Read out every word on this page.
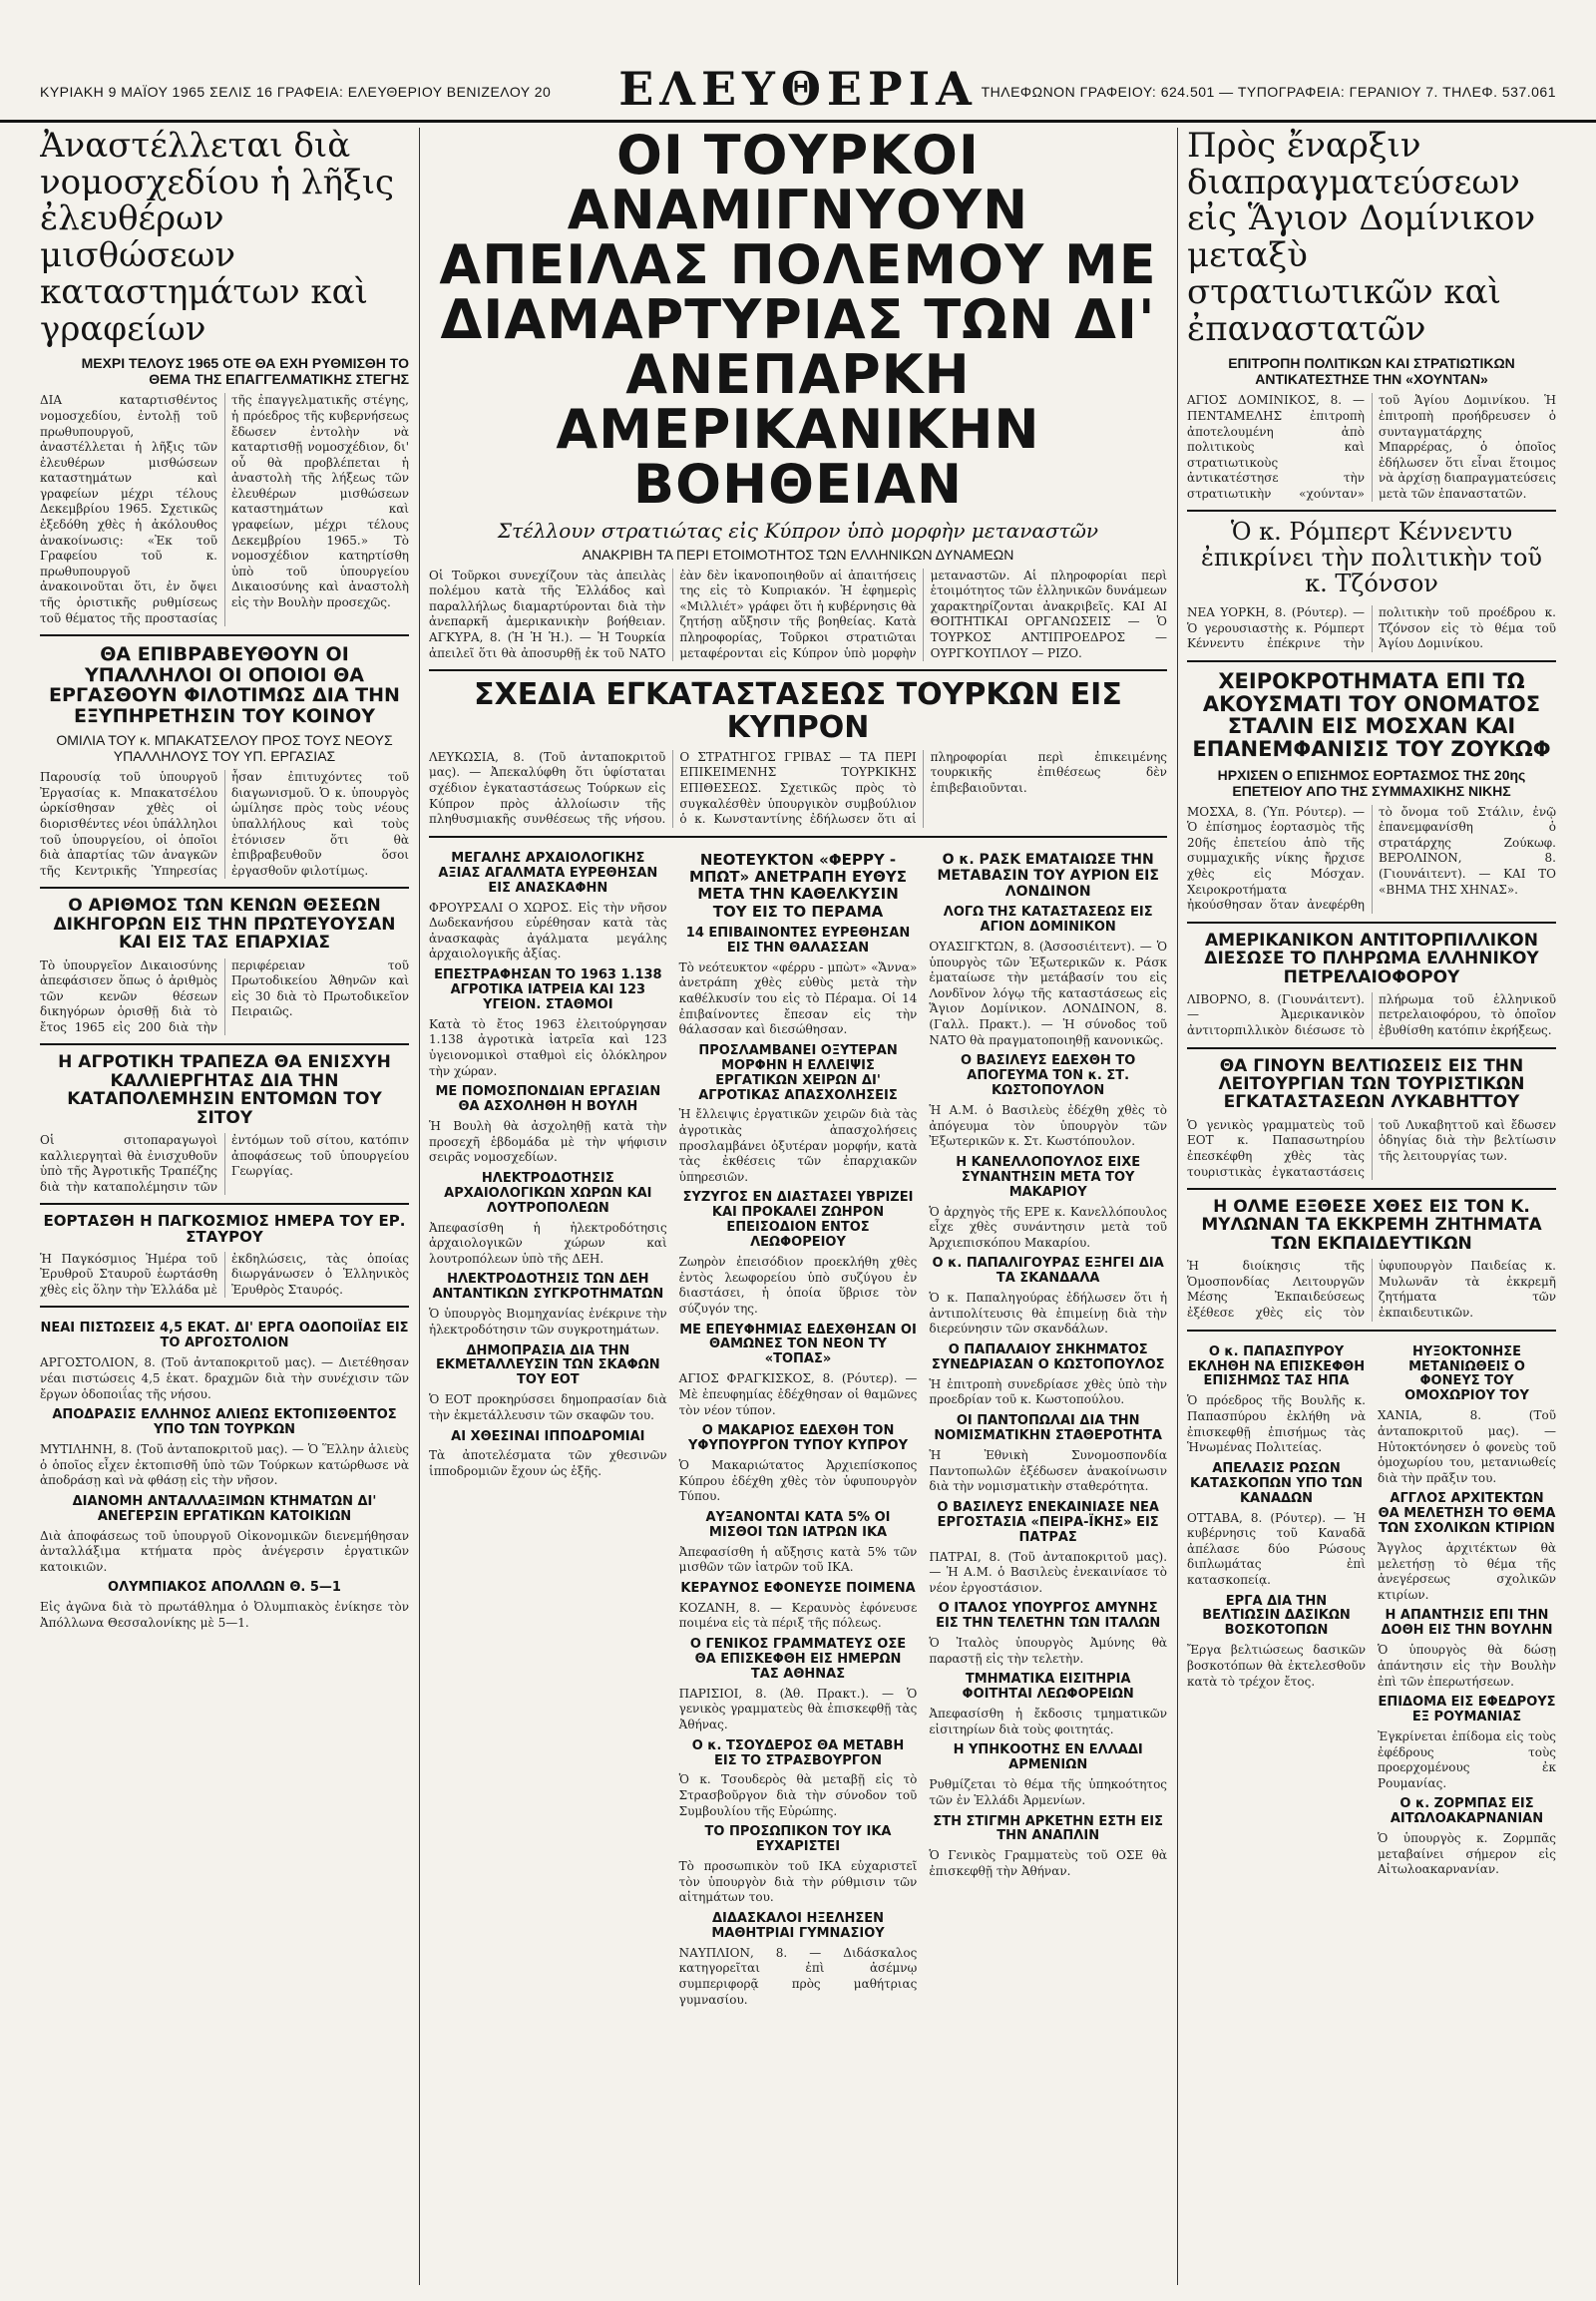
ΚΥΡΙΑΚΗ 9 ΜΑΪΟΥ 1965 ΣΕΛΙΣ 16 ΓΡΑΦΕΙΑ: ΕΛΕΥΘΕΡΙΟΥ ΒΕΝΙΖΕΛΟΥ 20	ΕΛΕΥΘΕΡΙΑ ΤΗΛΕΦΩΝΟΝ ΓΡΑΦΕΙΟΥ: 624.501 — ΤΥΠΟΓΡΑΦΕΙΑ: ΓΕΡΑΝΙΟΥ 7. ΤΗΛΕΦ. 537.061
Ἀναστέλλεται διὰ νομοσχεδίου ἡ λῆξις ἐλευθέρων μισθώσεων καταστημάτων καὶ γραφείων
ΜΕΧΡΙ ΤΕΛΟΥΣ 1965 ΟΤΕ ΘΑ ΕΧΗ ΡΥΘΜΙΣΘΗ ΤΟ ΘΕΜΑ ΤΗΣ ΕΠΑΓΓΕΛΜΑΤΙΚΗΣ ΣΤΕΓΗΣ
ΔΙΑ καταρτισθέντος νομοσχεδίου, ἐντολῇ τοῦ πρωθυπουργοῦ, ἀναστέλλεται ἡ λῆξις τῶν ἐλευθέρων μισθώσεων καταστημάτων καὶ γραφείων μέχρι τέλους Δεκεμβρίου 1965. Σχετικῶς ἐξεδόθη χθὲς ἡ ἀκόλουθος ἀνακοίνωσις: «Ἐκ τοῦ Γραφείου τοῦ κ. πρωθυπουργοῦ ἀνακοινοῦται ὅτι, ἐν ὄψει τῆς ὁριστικῆς ρυθμίσεως τοῦ θέματος τῆς προστασίας τῆς ἐπαγγελματικῆς στέγης, ἡ πρόεδρος τῆς κυβερνήσεως ἔδωσεν ἐντολὴν νὰ καταρτισθῇ νομοσχέδιον, δι' οὗ θὰ προβλέπεται ἡ ἀναστολὴ τῆς λήξεως τῶν ἐλευθέρων μισθώσεων καταστημάτων καὶ γραφείων, μέχρι τέλους Δεκεμβρίου 1965.» Τὸ νομοσχέδιον κατηρτίσθη ὑπὸ τοῦ ὑπουργείου Δικαιοσύνης καὶ ἀναστολὴ εἰς τὴν Βουλὴν προσεχῶς.
ΘΑ ΕΠΙΒΡΑΒΕΥΘΟΥΝ ΟΙ ΥΠΑΛΛΗΛΟΙ ΟΙ ΟΠΟΙΟΙ ΘΑ ΕΡΓΑΣΘΟΥΝ ΦΙΛΟΤΙΜΩΣ ΔΙΑ ΤΗΝ ΕΞΥΠΗΡΕΤΗΣΙΝ ΤΟΥ ΚΟΙΝΟΥ
ΟΜΙΛΙΑ ΤΟΥ κ. ΜΠΑΚΑΤΣΕΛΟΥ ΠΡΟΣ ΤΟΥΣ ΝΕΟΥΣ ΥΠΑΛΛΗΛΟΥΣ ΤΟΥ ΥΠ. ΕΡΓΑΣΙΑΣ
Παρουσίᾳ τοῦ ὑπουργοῦ Ἐργασίας κ. Μπακατσέλου ὡρκίσθησαν χθὲς οἱ διορισθέντες νέοι ὑπάλληλοι τοῦ ὑπουργείου, οἱ ὁποῖοι διὰ ἀπαρτίας τῶν ἀναγκῶν τῆς Κεντρικῆς Ὑπηρεσίας ἦσαν ἐπιτυχόντες τοῦ διαγωνισμοῦ. Ὁ κ. ὑπουργὸς ὡμίλησε πρὸς τοὺς νέους ὑπαλλήλους καὶ τοὺς ἐτόνισεν ὅτι θὰ ἐπιβραβευθοῦν ὅσοι ἐργασθοῦν φιλοτίμως.
Ο ΑΡΙΘΜΟΣ ΤΩΝ ΚΕΝΩΝ ΘΕΣΕΩΝ ΔΙΚΗΓΟΡΩΝ ΕΙΣ ΤΗΝ ΠΡΩΤΕΥΟΥΣΑΝ ΚΑΙ ΕΙΣ ΤΑΣ ΕΠΑΡΧΙΑΣ
Τὸ ὑπουργεῖον Δικαιοσύνης ἀπεφάσισεν ὅπως ὁ ἀριθμὸς τῶν κενῶν θέσεων δικηγόρων ὁρισθῇ διὰ τὸ ἔτος 1965 εἰς 200 διὰ τὴν περιφέρειαν τοῦ Πρωτοδικείου Ἀθηνῶν καὶ εἰς 30 διὰ τὸ Πρωτοδικεῖον Πειραιῶς.
Η ΑΓΡΟΤΙΚΗ ΤΡΑΠΕΖΑ ΘΑ ΕΝΙΣΧΥΗ ΚΑΛΛΙΕΡΓΗΤΑΣ ΔΙΑ ΤΗΝ ΚΑΤΑΠΟΛΕΜΗΣΙΝ ΕΝΤΟΜΩΝ ΤΟΥ ΣΙΤΟΥ
Οἱ σιτοπαραγωγοὶ καλλιεργηταὶ θὰ ἐνισχυθοῦν ὑπὸ τῆς Ἀγροτικῆς Τραπέζης διὰ τὴν καταπολέμησιν τῶν ἐντόμων τοῦ σίτου, κατόπιν ἀποφάσεως τοῦ ὑπουργείου Γεωργίας.
ΕΟΡΤΑΣΘΗ Η ΠΑΓΚΟΣΜΙΟΣ ΗΜΕΡΑ ΤΟΥ ΕΡ. ΣΤΑΥΡΟΥ
Ἡ Παγκόσμιος Ἡμέρα τοῦ Ἐρυθροῦ Σταυροῦ ἑωρτάσθη χθὲς εἰς ὅλην τὴν Ἑλλάδα μὲ ἐκδηλώσεις, τὰς ὁποίας διωργάνωσεν ὁ Ἑλληνικὸς Ἐρυθρὸς Σταυρός.
ΝΕΑΙ ΠΙΣΤΩΣΕΙΣ 4,5 ΕΚΑΤ. ΔΙ' ΕΡΓΑ ΟΔΟΠΟΙΪΑΣ ΕΙΣ ΤΟ ΑΡΓΟΣΤΟΛΙΟΝ
ΑΡΓΟΣΤΟΛΙΟΝ, 8. (Τοῦ ἀνταποκριτοῦ μας). — Διετέθησαν νέαι πιστώσεις 4,5 ἑκατ. δραχμῶν διὰ τὴν συνέχισιν τῶν ἔργων ὁδοποιΐας τῆς νήσου.
ΑΠΟΔΡΑΣΙΣ ΕΛΛΗΝΟΣ ΑΛΙΕΩΣ ΕΚΤΟΠΙΣΘΕΝΤΟΣ ΥΠΟ ΤΩΝ ΤΟΥΡΚΩΝ
ΜΥΤΙΛΗΝΗ, 8. (Τοῦ ἀνταποκριτοῦ μας). — Ὁ Ἕλλην ἁλιεὺς ὁ ὁποῖος εἶχεν ἐκτοπισθῆ ὑπὸ τῶν Τούρκων κατώρθωσε νὰ ἀποδράσῃ καὶ νὰ φθάσῃ εἰς τὴν νῆσον.
ΔΙΑΝΟΜΗ ΑΝΤΑΛΛΑΞΙΜΩΝ ΚΤΗΜΑΤΩΝ ΔΙ' ΑΝΕΓΕΡΣΙΝ ΕΡΓΑΤΙΚΩΝ ΚΑΤΟΙΚΙΩΝ
Διὰ ἀποφάσεως τοῦ ὑπουργοῦ Οἰκονομικῶν διενεμήθησαν ἀνταλλάξιμα κτήματα πρὸς ἀνέγερσιν ἐργατικῶν κατοικιῶν.
ΟΛΥΜΠΙΑΚΟΣ ΑΠΟΛΛΩΝ Θ. 5—1
Εἰς ἀγῶνα διὰ τὸ πρωτάθλημα ὁ Ὀλυμπιακὸς ἐνίκησε τὸν Ἀπόλλωνα Θεσσαλονίκης μὲ 5—1.
ΟΙ ΤΟΥΡΚΟΙ ΑΝΑΜΙΓΝΥΟΥΝ ΑΠΕΙΛΑΣ ΠΟΛΕΜΟΥ ΜΕ ΔΙΑΜΑΡΤΥΡΙΑΣ ΤΩΝ ΔΙ' ΑΝΕΠΑΡΚΗ ΑΜΕΡΙΚΑΝΙΚΗΝ ΒΟΗΘΕΙΑΝ
Στέλλουν στρατιώτας εἰς Κύπρον ὑπὸ μορφὴν μεταναστῶν
ΑΝΑΚΡΙΒΗ ΤΑ ΠΕΡΙ ΕΤΟΙΜΟΤΗΤΟΣ ΤΩΝ ΕΛΛΗΝΙΚΩΝ ΔΥΝΑΜΕΩΝ
Οἱ Τοῦρκοι συνεχίζουν τὰς ἀπειλὰς πολέμου κατὰ τῆς Ἑλλάδος καὶ παραλλήλως διαμαρτύρονται διὰ τὴν ἀνεπαρκῆ ἀμερικανικὴν βοήθειαν. ΑΓΚΥΡΑ, 8. (Ἡ Ἡ Ἡ.). — Ἡ Τουρκία ἀπειλεῖ ὅτι θὰ ἀποσυρθῇ ἐκ τοῦ ΝΑΤΟ ἐὰν δὲν ἱκανοποιηθοῦν αἱ ἀπαιτήσεις της εἰς τὸ Κυπριακόν. Ἡ ἐφημερὶς «Μιλλιέτ» γράφει ὅτι ἡ κυβέρνησις θὰ ζητήσῃ αὔξησιν τῆς βοηθείας. Κατὰ πληροφορίας, Τοῦρκοι στρατιῶται μεταφέρονται εἰς Κύπρον ὑπὸ μορφὴν μεταναστῶν. Αἱ πληροφορίαι περὶ ἑτοιμότητος τῶν ἑλληνικῶν δυνάμεων χαρακτηρίζονται ἀνακριβεῖς. ΚΑΙ ΑΙ ΘΟΙΤΗΤΙΚΑΙ ΟΡΓΑΝΩΣΕΙΣ — Ὁ ΤΟΥΡΚΟΣ ΑΝΤΙΠΡΟΕΔΡΟΣ — ΟΥΡΓΚΟΥΠΛΟΥ — ΡΙΖΟ.
ΣΧΕΔΙΑ ΕΓΚΑΤΑΣΤΑΣΕΩΣ ΤΟΥΡΚΩΝ ΕΙΣ ΚΥΠΡΟΝ
ΛΕΥΚΩΣΙΑ, 8. (Τοῦ ἀνταποκριτοῦ μας). — Ἀπεκαλύφθη ὅτι ὑφίσταται σχέδιον ἐγκαταστάσεως Τούρκων εἰς Κύπρον πρὸς ἀλλοίωσιν τῆς πληθυσμιακῆς συνθέσεως τῆς νήσου. Ο ΣΤΡΑΤΗΓΟΣ ΓΡΙΒΑΣ — ΤΑ ΠΕΡΙ ΕΠΙΚΕΙΜΕΝΗΣ ΤΟΥΡΚΙΚΗΣ ΕΠΙΘΕΣΕΩΣ. Σχετικῶς πρὸς τὸ συγκαλέσθὲν ὑπουργικὸν συμβούλιον ὁ κ. Κωνσταντίνης ἐδήλωσεν ὅτι αἱ πληροφορίαι περὶ ἐπικειμένης τουρκικῆς ἐπιθέσεως δὲν ἐπιβεβαιοῦνται.
ΜΕΓΑΛΗΣ ΑΡΧΑΙΟΛΟΓΙΚΗΣ ΑΞΙΑΣ ΑΓΑΛΜΑΤΑ ΕΥΡΕΘΗΣΑΝ ΕΙΣ ΑΝΑΣΚΑΦΗΝ
ΦΡΟΥΡΣΑΛΙ Ο ΧΩΡΟΣ. Εἰς τὴν νῆσον Δωδεκανήσου εὑρέθησαν κατὰ τὰς ἀνασκαφὰς ἀγάλματα μεγάλης ἀρχαιολογικῆς ἀξίας.
ΕΠΕΣΤΡΑΦΗΣΑΝ ΤΟ 1963 1.138 ΑΓΡΟΤΙΚΑ ΙΑΤΡΕΙΑ ΚΑΙ 123 ΥΓΕΙΟΝ. ΣΤΑΘΜΟΙ
Κατὰ τὸ ἔτος 1963 ἐλειτούργησαν 1.138 ἀγροτικὰ ἰατρεῖα καὶ 123 ὑγειονομικοὶ σταθμοὶ εἰς ὁλόκληρον τὴν χώραν.
ΜΕ ΠΟΜΟΣΠΟΝΔΙΑΝ ΕΡΓΑΣΙΑΝ ΘΑ ΑΣΧΟΛΗΘΗ Η ΒΟΥΛΗ
Ἡ Βουλὴ θὰ ἀσχοληθῇ κατὰ τὴν προσεχῆ ἑβδομάδα μὲ τὴν ψήφισιν σειρᾶς νομοσχεδίων.
ΗΛΕΚΤΡΟΔΟΤΗΣΙΣ ΑΡΧΑΙΟΛΟΓΙΚΩΝ ΧΩΡΩΝ ΚΑΙ ΛΟΥΤΡΟΠΟΛΕΩΝ
Ἀπεφασίσθη ἡ ἠλεκτροδότησις ἀρχαιολογικῶν χώρων καὶ λουτροπόλεων ὑπὸ τῆς ΔΕΗ.
ΗΛΕΚΤΡΟΔΟΤΗΣΙΣ ΤΩΝ ΔΕΗ ΑΝΤΑΝΤΙΚΩΝ ΣΥΓΚΡΟΤΗΜΑΤΩΝ
Ὁ ὑπουργὸς Βιομηχανίας ἐνέκρινε τὴν ἠλεκτροδότησιν τῶν συγκροτημάτων.
ΔΗΜΟΠΡΑΣΙΑ ΔΙΑ ΤΗΝ ΕΚΜΕΤΑΛΛΕΥΣΙΝ ΤΩΝ ΣΚΑΦΩΝ ΤΟΥ ΕΟΤ
Ὁ ΕΟΤ προκηρύσσει δημοπρασίαν διὰ τὴν ἐκμετάλλευσιν τῶν σκαφῶν του.
ΑΙ ΧΘΕΣΙΝΑΙ ΙΠΠΟΔΡΟΜΙΑΙ
Τὰ ἀποτελέσματα τῶν χθεσινῶν ἱπποδρομιῶν ἔχουν ὡς ἑξῆς.
ΝΕΟΤΕΥΚΤΟΝ «ΦΕΡΡΥ - ΜΠΩΤ» ΑΝΕΤΡΑΠΗ ΕΥΘΥΣ ΜΕΤΑ ΤΗΝ ΚΑΘΕΛΚΥΣΙΝ ΤΟΥ ΕΙΣ ΤΟ ΠΕΡΑΜΑ
14 ΕΠΙΒΑΙΝΟΝΤΕΣ ΕΥΡΕΘΗΣΑΝ ΕΙΣ ΤΗΝ ΘΑΛΑΣΣΑΝ
Τὸ νεότευκτον «φέρρυ - μπὼτ» «Ἄννα» ἀνετράπη χθὲς εὐθὺς μετὰ τὴν καθέλκυσίν του εἰς τὸ Πέραμα. Οἱ 14 ἐπιβαίνοντες ἔπεσαν εἰς τὴν θάλασσαν καὶ διεσώθησαν.
ΠΡΟΣΛΑΜΒΑΝΕΙ ΟΞΥΤΕΡΑΝ ΜΟΡΦΗΝ Η ΕΛΛΕΙΨΙΣ ΕΡΓΑΤΙΚΩΝ ΧΕΙΡΩΝ ΔΙ' ΑΓΡΟΤΙΚΑΣ ΑΠΑΣΧΟΛΗΣΕΙΣ
Ἡ ἔλλειψις ἐργατικῶν χειρῶν διὰ τὰς ἀγροτικὰς ἀπασχολήσεις προσλαμβάνει ὀξυτέραν μορφήν, κατὰ τὰς ἐκθέσεις τῶν ἐπαρχιακῶν ὑπηρεσιῶν.
ΣΥΖΥΓΟΣ ΕΝ ΔΙΑΣΤΑΣΕΙ ΥΒΡΙΖΕΙ ΚΑΙ ΠΡΟΚΑΛΕΙ ΖΩΗΡΟΝ ΕΠΕΙΣΟΔΙΟΝ ΕΝΤΟΣ ΛΕΩΦΟΡΕΙΟΥ
Ζωηρὸν ἐπεισόδιον προεκλήθη χθὲς ἐντὸς λεωφορείου ὑπὸ συζύγου ἐν διαστάσει, ἡ ὁποία ὕβρισε τὸν σύζυγόν της.
ΜΕ ΕΠΕΥΦΗΜΙΑΣ ΕΔΕΧΘΗΣΑΝ ΟΙ ΘΑΜΩΝΕΣ ΤΟΝ ΝΕΟΝ ΤΥ «ΤΟΠΑΣ»
ΑΓΙΟΣ ΦΡΑΓΚΙΣΚΟΣ, 8. (Ρόυτερ). — Μὲ ἐπευφημίας ἐδέχθησαν οἱ θαμῶνες τὸν νέον τύπον.
Ο ΜΑΚΑΡΙΟΣ ΕΔΕΧΘΗ ΤΟΝ ΥΦΥΠΟΥΡΓΟΝ ΤΥΠΟΥ ΚΥΠΡΟΥ
Ὁ Μακαριώτατος Ἀρχιεπίσκοπος Κύπρου ἐδέχθη χθὲς τὸν ὑφυπουργὸν Τύπου.
ΑΥΞΑΝΟΝΤΑΙ ΚΑΤΑ 5% ΟΙ ΜΙΣΘΟΙ ΤΩΝ ΙΑΤΡΩΝ ΙΚΑ
Ἀπεφασίσθη ἡ αὔξησις κατὰ 5% τῶν μισθῶν τῶν ἰατρῶν τοῦ ΙΚΑ.
ΚΕΡΑΥΝΟΣ ΕΦΟΝΕΥΣΕ ΠΟΙΜΕΝΑ
ΚΟΖΑΝΗ, 8. — Κεραυνὸς ἐφόνευσε ποιμένα εἰς τὰ πέριξ τῆς πόλεως.
Ο ΓΕΝΙΚΟΣ ΓΡΑΜΜΑΤΕΥΣ ΟΣΕ ΘΑ ΕΠΙΣΚΕΦΘΗ ΕΙΣ ΗΜΕΡΩΝ ΤΑΣ ΑΘΗΝΑΣ
ΠΑΡΙΣΙΟΙ, 8. (Ἀθ. Πρακτ.). — Ὁ γενικὸς γραμματεὺς θὰ ἐπισκεφθῇ τὰς Ἀθήνας.
Ο κ. ΤΣΟΥΔΕΡΟΣ ΘΑ ΜΕΤΑΒΗ ΕΙΣ ΤΟ ΣΤΡΑΣΒΟΥΡΓΟΝ
Ὁ κ. Τσουδερὸς θὰ μεταβῇ εἰς τὸ Στρασβοῦργον διὰ τὴν σύνοδον τοῦ Συμβουλίου τῆς Εὐρώπης.
ΤΟ ΠΡΟΣΩΠΙΚΟΝ ΤΟΥ ΙΚΑ ΕΥΧΑΡΙΣΤΕΙ
Τὸ προσωπικὸν τοῦ ΙΚΑ εὐχαριστεῖ τὸν ὑπουργὸν διὰ τὴν ρύθμισιν τῶν αἰτημάτων του.
ΔΙΔΑΣΚΑΛΟΙ ΗΞΕΛΗΣΕΝ ΜΑΘΗΤΡΙΑΙ ΓΥΜΝΑΣΙΟΥ
ΝΑΥΠΛΙΟΝ, 8. — Διδάσκαλος κατηγορεῖται ἐπὶ ἀσέμνῳ συμπεριφορᾷ πρὸς μαθήτριας γυμνασίου.
Ο κ. ΡΑΣΚ ΕΜΑΤΑΙΩΣΕ ΤΗΝ ΜΕΤΑΒΑΣΙΝ ΤΟΥ ΑΥΡΙΟΝ ΕΙΣ ΛΟΝΔΙΝΟΝ
ΛΟΓΩ ΤΗΣ ΚΑΤΑΣΤΑΣΕΩΣ ΕΙΣ ΑΓΙΟΝ ΔΟΜΙΝΙΚΟΝ
ΟΥΑΣΙΓΚΤΩΝ, 8. (Ἀσσοσιέιτεντ). — Ὁ ὑπουργὸς τῶν Ἐξωτερικῶν κ. Ράσκ ἐματαίωσε τὴν μετάβασίν του εἰς Λονδῖνον λόγῳ τῆς καταστάσεως εἰς Ἅγιον Δομίνικον. ΛΟΝΔΙΝΟΝ, 8. (Γαλλ. Πρακτ.). — Ἡ σύνοδος τοῦ ΝΑΤΟ θὰ πραγματοποιηθῇ κανονικῶς.
Ο ΒΑΣΙΛΕΥΣ ΕΔΕΧΘΗ ΤΟ ΑΠΟΓΕΥΜΑ ΤΟΝ κ. ΣΤ. ΚΩΣΤΟΠΟΥΛΟΝ
Ἡ Α.Μ. ὁ Βασιλεὺς ἐδέχθη χθὲς τὸ ἀπόγευμα τὸν ὑπουργὸν τῶν Ἐξωτερικῶν κ. Στ. Κωστόπουλον.
Η ΚΑΝΕΛΛΟΠΟΥΛΟΣ ΕΙΧΕ ΣΥΝΑΝΤΗΣΙΝ ΜΕΤΑ ΤΟΥ ΜΑΚΑΡΙΟΥ
Ὁ ἀρχηγὸς τῆς ΕΡΕ κ. Κανελλόπουλος εἶχε χθὲς συνάντησιν μετὰ τοῦ Ἀρχιεπισκόπου Μακαρίου.
Ο κ. ΠΑΠΑΛΙΓΟΥΡΑΣ ΕΞΗΓΕΙ ΔΙΑ ΤΑ ΣΚΑΝΔΑΛΑ
Ὁ κ. Παπαληγούρας ἐδήλωσεν ὅτι ἡ ἀντιπολίτευσις θὰ ἐπιμείνῃ διὰ τὴν διερεύνησιν τῶν σκανδάλων.
Ο ΠΑΠΑΛΑΙΟΥ ΣΗΚΗΜΑΤΟΣ ΣΥΝΕΔΡΙΑΣΑΝ Ο ΚΩΣΤΟΠΟΥΛΟΣ
Ἡ ἐπιτροπὴ συνεδρίασε χθὲς ὑπὸ τὴν προεδρίαν τοῦ κ. Κωστοπούλου.
ΟΙ ΠΑΝΤΟΠΩΛΑΙ ΔΙΑ ΤΗΝ ΝΟΜΙΣΜΑΤΙΚΗΝ ΣΤΑΘΕΡΟΤΗΤΑ
Ἡ Ἐθνικὴ Συνομοσπονδία Παντοπωλῶν ἐξέδωσεν ἀνακοίνωσιν διὰ τὴν νομισματικὴν σταθερότητα.
Ο ΒΑΣΙΛΕΥΣ ΕΝΕΚΑΙΝΙΑΣΕ ΝΕΑ ΕΡΓΟΣΤΑΣΙΑ «ΠΕΙΡΑ-ΪΚΗΣ» ΕΙΣ ΠΑΤΡΑΣ
ΠΑΤΡΑΙ, 8. (Τοῦ ἀνταποκριτοῦ μας). — Ἡ Α.Μ. ὁ Βασιλεὺς ἐνεκαινίασε τὸ νέον ἐργοστάσιον.
Ο ΙΤΑΛΟΣ ΥΠΟΥΡΓΟΣ ΑΜΥΝΗΣ ΕΙΣ ΤΗΝ ΤΕΛΕΤΗΝ ΤΩΝ ΙΤΑΛΩΝ
Ὁ Ἰταλὸς ὑπουργὸς Ἀμύνης θὰ παραστῇ εἰς τὴν τελετὴν.
ΤΜΗΜΑΤΙΚΑ ΕΙΣΙΤΗΡΙΑ ΦΟΙΤΗΤΑΙ ΛΕΩΦΟΡΕΙΩΝ
Ἀπεφασίσθη ἡ ἔκδοσις τμηματικῶν εἰσιτηρίων διὰ τοὺς φοιτητάς.
Η ΥΠΗΚΟΟΤΗΣ ΕΝ ΕΛΛΑΔΙ ΑΡΜΕΝΙΩΝ
Ρυθμίζεται τὸ θέμα τῆς ὑπηκοότητος τῶν ἐν Ἑλλάδι Ἀρμενίων.
ΣΤΗ ΣΤΙΓΜΗ ΑΡΚΕΤΗΝ ΕΣΤΗ ΕΙΣ ΤΗΝ ΑΝΑΠΛΙΝ
Ὁ Γενικὸς Γραμματεὺς τοῦ ΟΣΕ θὰ ἐπισκεφθῇ τὴν Ἀθήναν.
Πρὸς ἔναρξιν διαπραγματεύσεων εἰς Ἅγιον Δομίνικον μεταξὺ στρατιωτικῶν καὶ ἐπαναστατῶν
ΕΠΙΤΡΟΠΗ ΠΟΛΙΤΙΚΩΝ ΚΑΙ ΣΤΡΑΤΙΩΤΙΚΩΝ ΑΝΤΙΚΑΤΕΣΤΗΣΕ ΤΗΝ «ΧΟΥΝΤΑΝ»
ΑΓΙΟΣ ΔΟΜΙΝΙΚΟΣ, 8. — ΠΕΝΤΑΜΕΛΗΣ ἐπιτροπὴ ἀποτελουμένη ἀπὸ πολιτικοὺς καὶ στρατιωτικοὺς ἀντικατέστησε τὴν στρατιωτικὴν «χούνταν» τοῦ Ἁγίου Δομινίκου. Ἡ ἐπιτροπὴ προήδρευσεν ὁ συνταγματάρχης Μπαρρέρας, ὁ ὁποῖος ἐδήλωσεν ὅτι εἶναι ἕτοιμος νὰ ἀρχίσῃ διαπραγματεύσεις μετὰ τῶν ἐπαναστατῶν.
Ὁ κ. Ρόμπερτ Κέννεντυ ἐπικρίνει τὴν πολιτικὴν τοῦ κ. Τζόνσον
ΝΕΑ ΥΟΡΚΗ, 8. (Ρόυτερ). — Ὁ γερουσιαστὴς κ. Ρόμπερτ Κέννεντυ ἐπέκρινε τὴν πολιτικὴν τοῦ προέδρου κ. Τζόνσον εἰς τὸ θέμα τοῦ Ἁγίου Δομινίκου.
ΧΕΙΡΟΚΡΟΤΗΜΑΤΑ ΕΠΙ ΤΩ ΑΚΟΥΣΜΑΤΙ ΤΟΥ ΟΝΟΜΑΤΟΣ ΣΤΑΛΙΝ ΕΙΣ ΜΟΣΧΑΝ ΚΑΙ ΕΠΑΝΕΜΦΑΝΙΣΙΣ ΤΟΥ ΖΟΥΚΩΦ
ΗΡΧΙΣΕΝ Ο ΕΠΙΣΗΜΟΣ ΕΟΡΤΑΣΜΟΣ ΤΗΣ 20ης ΕΠΕΤΕΙΟΥ ΑΠΟ ΤΗΣ ΣΥΜΜΑΧΙΚΗΣ ΝΙΚΗΣ
ΜΟΣΧΑ, 8. (Ὑπ. Ρόυτερ). — Ὁ ἐπίσημος ἑορτασμὸς τῆς 20ῆς ἐπετείου ἀπὸ τῆς συμμαχικῆς νίκης ἤρχισε χθὲς εἰς Μόσχαν. Χειροκροτήματα ἠκούσθησαν ὅταν ἀνεφέρθη τὸ ὄνομα τοῦ Στάλιν, ἐνῷ ἐπανεμφανίσθη ὁ στρατάρχης Ζούκωφ. ΒΕΡΟΛΙΝΟΝ, 8. (Γιουνάιτεντ). — ΚΑΙ ΤΟ «ΒΗΜΑ ΤΗΣ ΧΗΝΑΣ».
ΑΜΕΡΙΚΑΝΙΚΟΝ ΑΝΤΙΤΟΡΠΙΛΛΙΚΟΝ ΔΙΕΣΩΣΕ ΤΟ ΠΛΗΡΩΜΑ ΕΛΛΗΝΙΚΟΥ ΠΕΤΡΕΛΑΙΟΦΟΡΟΥ
ΛΙΒΟΡΝΟ, 8. (Γιουνάιτεντ). — Ἀμερικανικὸν ἀντιτορπιλλικὸν διέσωσε τὸ πλήρωμα τοῦ ἑλληνικοῦ πετρελαιοφόρου, τὸ ὁποῖον ἐβυθίσθη κατόπιν ἐκρήξεως.
ΘΑ ΓΙΝΟΥΝ ΒΕΛΤΙΩΣΕΙΣ ΕΙΣ ΤΗΝ ΛΕΙΤΟΥΡΓΙΑΝ ΤΩΝ ΤΟΥΡΙΣΤΙΚΩΝ ΕΓΚΑΤΑΣΤΑΣΕΩΝ ΛΥΚΑΒΗΤΤΟΥ
Ὁ γενικὸς γραμματεὺς τοῦ ΕΟΤ κ. Παπασωτηρίου ἐπεσκέφθη χθὲς τὰς τουριστικὰς ἐγκαταστάσεις τοῦ Λυκαβηττοῦ καὶ ἔδωσεν ὁδηγίας διὰ τὴν βελτίωσιν τῆς λειτουργίας των.
Η ΟΛΜΕ ΕΞΘΕΣΕ ΧΘΕΣ ΕΙΣ ΤΟΝ Κ. ΜΥΛΩΝΑΝ ΤΑ ΕΚΚΡΕΜΗ ΖΗΤΗΜΑΤΑ ΤΩΝ ΕΚΠΑΙΔΕΥΤΙΚΩΝ
Ἡ διοίκησις τῆς Ὁμοσπονδίας Λειτουργῶν Μέσης Ἐκπαιδεύσεως ἐξέθεσε χθὲς εἰς τὸν ὑφυπουργὸν Παιδείας κ. Μυλωνᾶν τὰ ἐκκρεμῆ ζητήματα τῶν ἐκπαιδευτικῶν.
Ο κ. ΠΑΠΑΣΠΥΡΟΥ ΕΚΛΗΘΗ ΝΑ ΕΠΙΣΚΕΦΘΗ ΕΠΙΣΗΜΩΣ ΤΑΣ ΗΠΑ
Ὁ πρόεδρος τῆς Βουλῆς κ. Παπασπύρου ἐκλήθη νὰ ἐπισκεφθῇ ἐπισήμως τὰς Ἡνωμένας Πολιτείας.
ΑΠΕΛΑΣΙΣ ΡΩΣΩΝ ΚΑΤΑΣΚΟΠΩΝ ΥΠΟ ΤΩΝ ΚΑΝΑΔΩΝ
ΟΤΤΑΒΑ, 8. (Ρόυτερ). — Ἡ κυβέρνησις τοῦ Καναδᾶ ἀπέλασε δύο Ρώσους διπλωμάτας ἐπὶ κατασκοπείᾳ.
ΕΡΓΑ ΔΙΑ ΤΗΝ ΒΕΛΤΙΩΣΙΝ ΔΑΣΙΚΩΝ ΒΟΣΚΟΤΟΠΩΝ
Ἔργα βελτιώσεως δασικῶν βοσκοτόπων θὰ ἐκτελεσθοῦν κατὰ τὸ τρέχον ἔτος.
ΗΥΞΟΚΤΟΝΗΣΕ ΜΕΤΑΝΙΩΘΕΙΣ Ο ΦΟΝΕΥΣ ΤΟΥ ΟΜΟΧΩΡΙΟΥ ΤΟΥ
ΧΑΝΙΑ, 8. (Τοῦ ἀνταποκριτοῦ μας). — Ηὐτοκτόνησεν ὁ φονεὺς τοῦ ὁμοχωρίου του, μετανιωθείς διὰ τὴν πρᾶξιν του.
ΑΓΓΛΟΣ ΑΡΧΙΤΕΚΤΩΝ ΘΑ ΜΕΛΕΤΗΣΗ ΤΟ ΘΕΜΑ ΤΩΝ ΣΧΟΛΙΚΩΝ ΚΤΙΡΙΩΝ
Ἄγγλος ἀρχιτέκτων θὰ μελετήσῃ τὸ θέμα τῆς ἀνεγέρσεως σχολικῶν κτιρίων.
Η ΑΠΑΝΤΗΣΙΣ ΕΠΙ ΤΗΝ ΔΟΘΗ ΕΙΣ ΤΗΝ ΒΟΥΛΗΝ
Ὁ ὑπουργὸς θὰ δώσῃ ἀπάντησιν εἰς τὴν Βουλὴν ἐπὶ τῶν ἐπερωτήσεων.
ΕΠΙΔΟΜΑ ΕΙΣ ΕΦΕΔΡΟΥΣ ΕΞ ΡΟΥΜΑΝΙΑΣ
Ἐγκρίνεται ἐπίδομα εἰς τοὺς ἐφέδρους τοὺς προερχομένους ἐκ Ρουμανίας.
Ο κ. ΖΟΡΜΠΑΣ ΕΙΣ ΑΙΤΩΛΟΑΚΑΡΝΑΝΙΑΝ
Ὁ ὑπουργὸς κ. Ζορμπᾶς μεταβαίνει σήμερον εἰς Αἰτωλοακαρνανίαν.
